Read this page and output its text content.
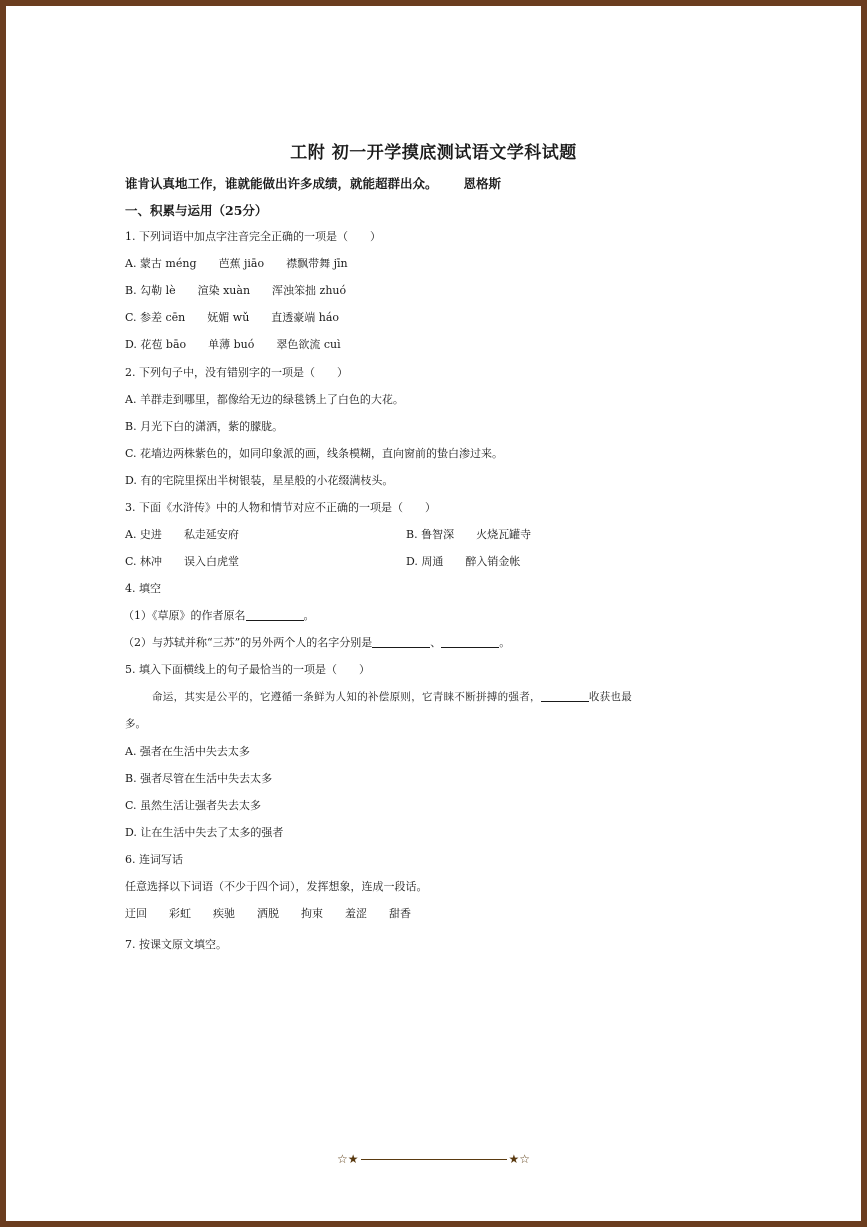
工附 初一开学摸底测试语文学科试题
谁肯认真地工作，谁就能做出许多成绩，就能超群出众。 恩格斯
一、积累与运用（25分）
1. 下列词语中加点字注音完全正确的一项是（　　）
A. 蒙古 méng 芭蕉 jiāo 襟飘带舞 jīn
B. 勾勒 lè 渲染 xuàn 浑浊笨拙 zhuó
C. 参差 cēn 妩媚 wǔ 直透豪端 háo
D. 花苞 bāo 单薄 buó 翠色欲流 cuì
2. 下列句子中，没有错别字的一项是（　　）
A. 羊群走到哪里，都像给无边的绿毯锈上了白色的大花。
B. 月光下白的潇洒，紫的朦胧。
C. 花墙边两株紫色的，如同印象派的画，线条模糊，直向窗前的蛰白渗过来。
D. 有的宅院里探出半树银装，星星般的小花缀满枝头。
3. 下面《水浒传》中的人物和情节对应不正确的一项是（　　）
A. 史进 私走延安府	B. 鲁智深 火烧瓦罐寺
C. 林冲 误入白虎堂	D. 周通 醉入销金帐
4. 填空
（1）《草原》的作者原名	。
（2）与苏轼并称“三苏”的另外两个人的名字分别是	、	。
5. 填入下面横线上的句子最恰当的一项是（　　）
命运，其实是公平的，它遵循一条鲜为人知的补偿原则，它青睐不断拼搏的强者，	收获也最
多。
A. 强者在生活中失去太多
B. 强者尽管在生活中失去太多
C. 虽然生活让强者失去太多
D. 让在生活中失去了太多的强者
6. 连词写话
任意选择以下词语（不少于四个词），发挥想象，连成一段话。
迂回 彩虹 疾驰 洒脱 拘束 羞涩 甜香
7. 按课文原文填空。
☆★	★☆
